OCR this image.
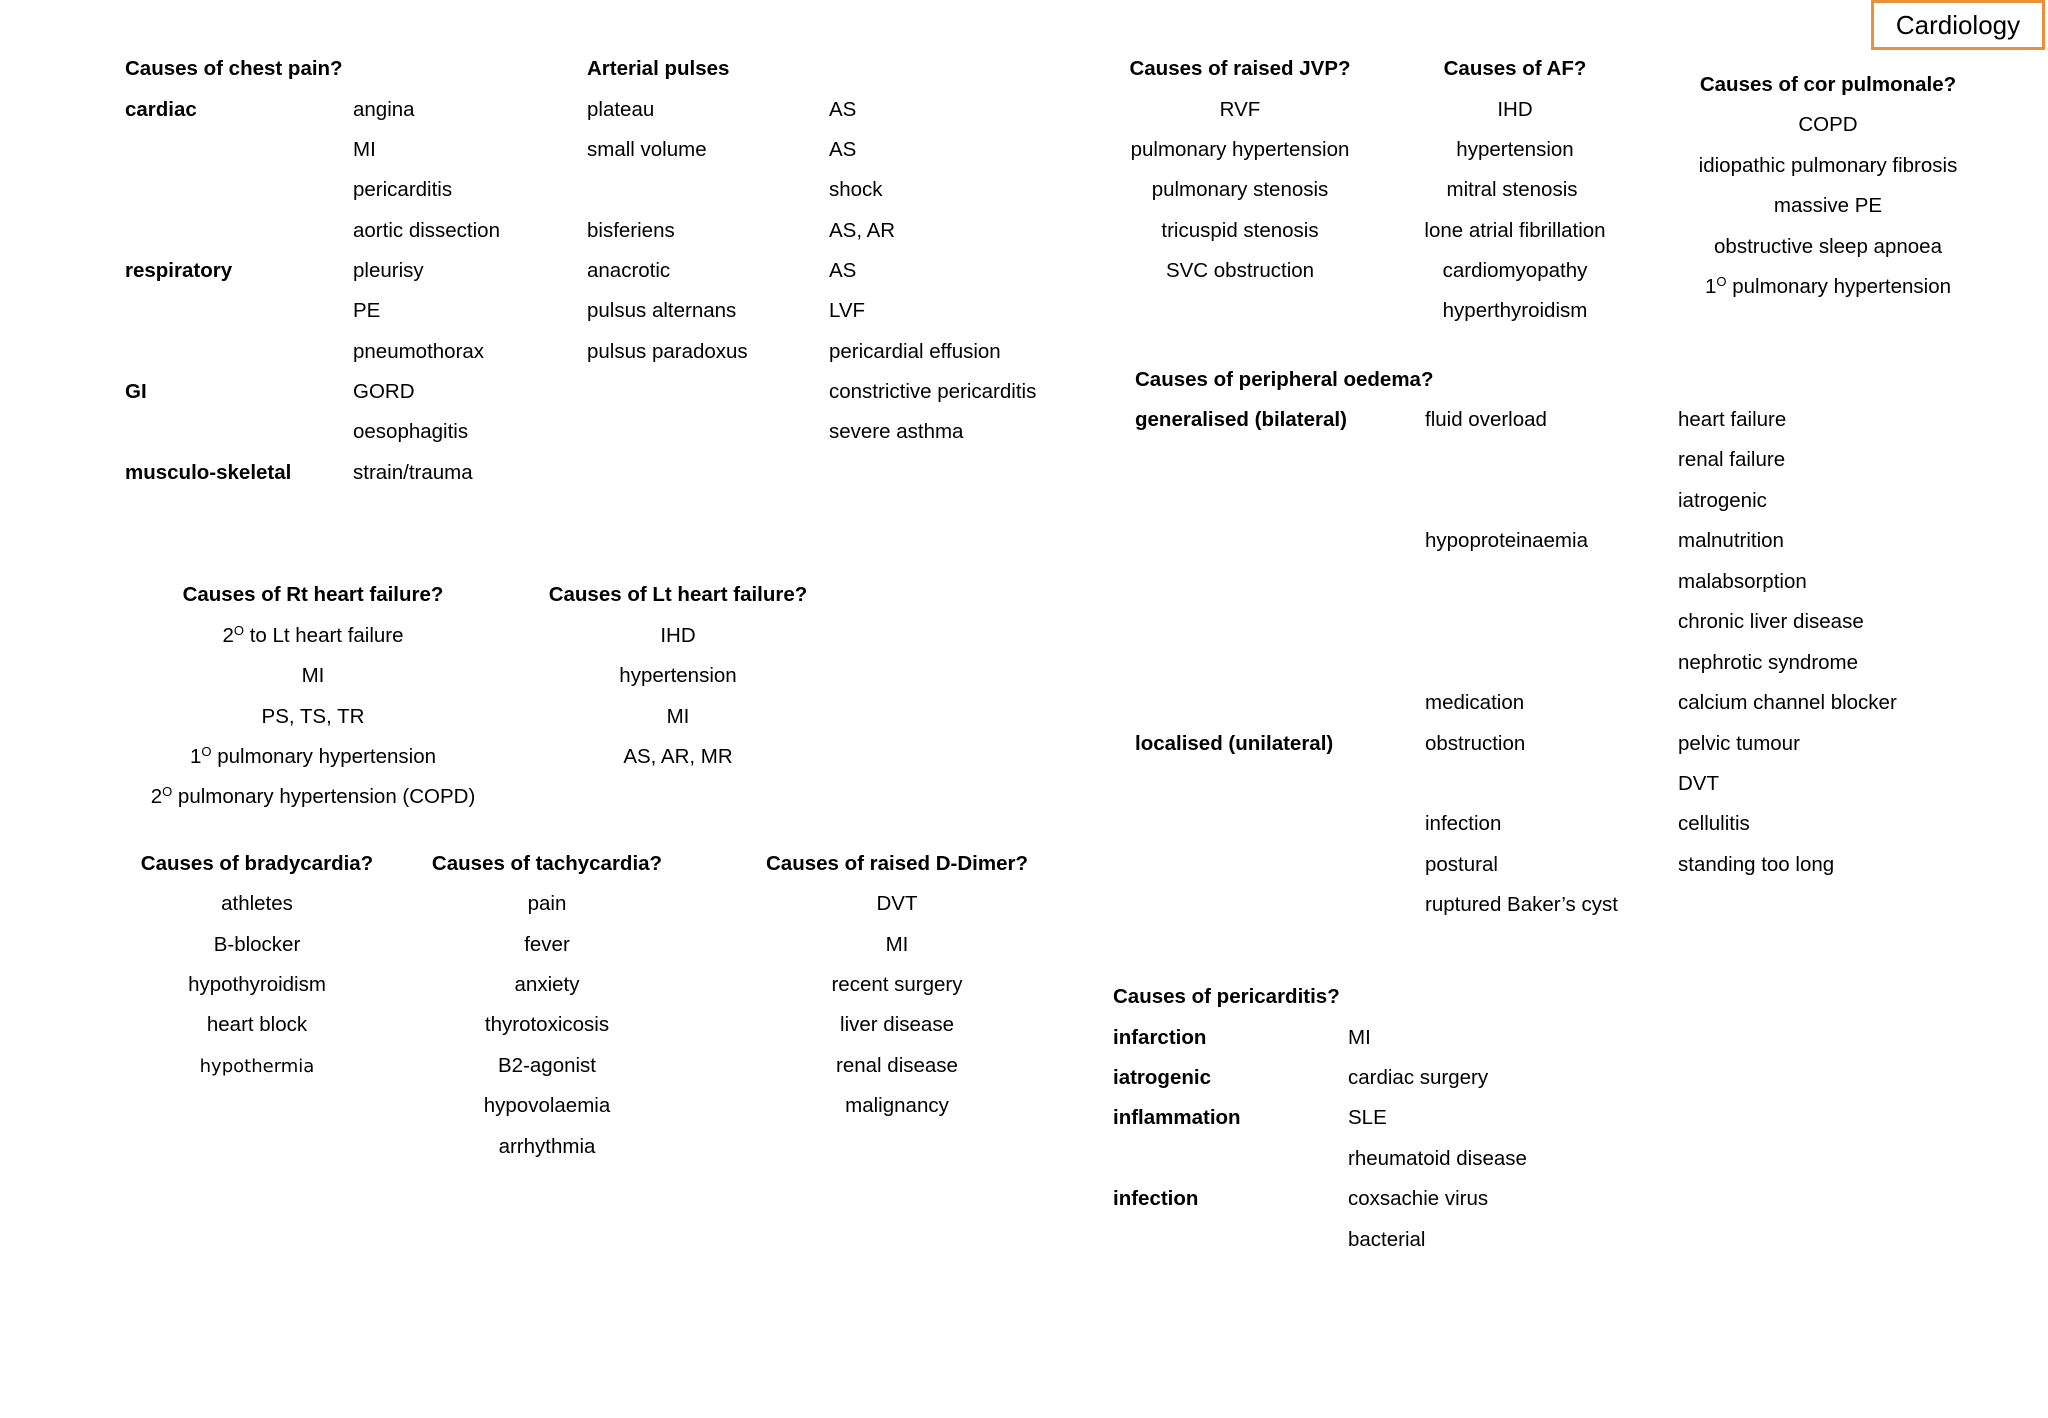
Cardiology
Causes of chest pain?
cardiac
respiratory
GI
musculo-skeletal
angina
MI
pericarditis
aortic dissection
pleurisy
PE
pneumothorax
GORD
oesophagitis
strain/trauma
Arterial pulses
plateau
small volume
bisferiens
anacrotic
pulsus alternans
pulsus paradoxus
AS
AS
shock
AS, AR
AS
LVF
pericardial effusion
constrictive pericarditis
severe asthma
Causes of raised JVP?
RVF
pulmonary hypertension
pulmonary stenosis
tricuspid stenosis
SVC obstruction
Causes of AF?
IHD
hypertension
mitral stenosis
lone atrial fibrillation
cardiomyopathy
hyperthyroidism
Causes of cor pulmonale?
COPD
idiopathic pulmonary fibrosis
massive PE
obstructive sleep apnoea
$1^O$ pulmonary hypertension
Causes of peripheral oedema?
generalised (bilateral)
localised (unilateral)
fluid overload
hypoproteinaemia
medication
obstruction
infection
postural
ruptured Baker’s cyst
heart failure
renal failure
iatrogenic
malnutrition
malabsorption
chronic liver disease
nephrotic syndrome
calcium channel blocker
pelvic tumour
DVT
cellulitis
standing too long
Causes of Rt heart failure?
$2^O$ to Lt heart failure
MI
PS, TS, TR
$1^O$ pulmonary hypertension
$2^O$ pulmonary hypertension (COPD)
Causes of Lt heart failure?
IHD
hypertension
MI
AS, AR, MR
Causes of bradycardia?
athletes
B-blocker
hypothyroidism
heart block
hypothermia
Causes of tachycardia?
pain
fever
anxiety
thyrotoxicosis
B2-agonist
hypovolaemia
arrhythmia
Causes of raised D-Dimer?
DVT
MI
recent surgery
liver disease
renal disease
malignancy
Causes of pericarditis?
infarction
iatrogenic
inflammation
infection
MI
cardiac surgery
SLE
rheumatoid disease
coxsachie virus
bacterial
